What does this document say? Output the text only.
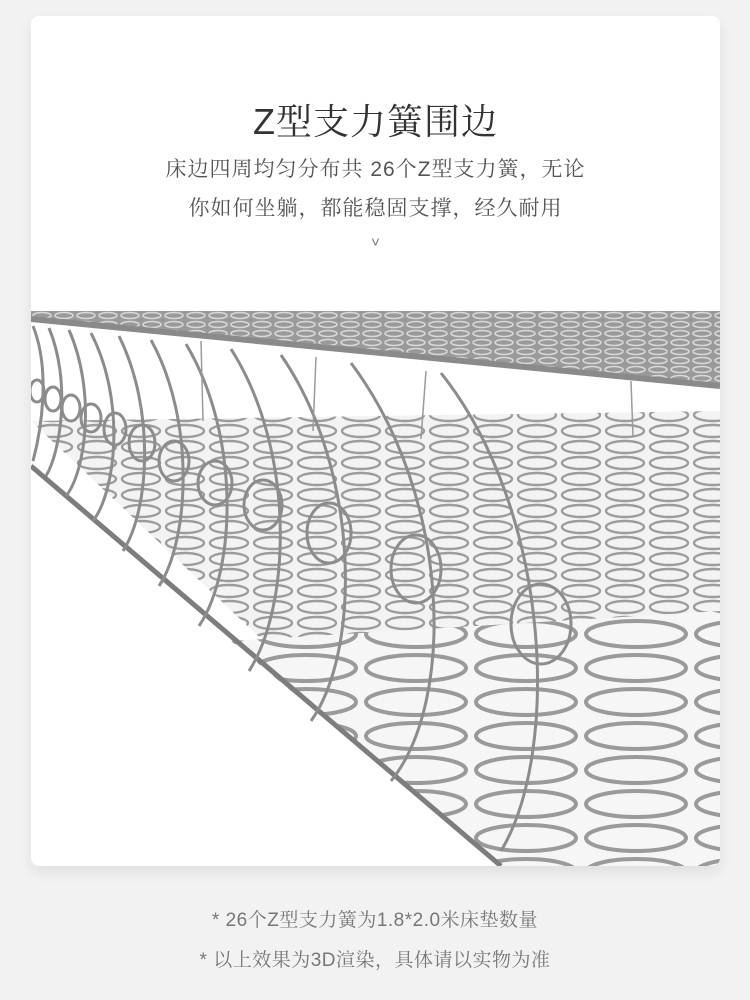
Z型支力簧围边
床边四周均匀分布共 26个Z型支力簧，无论
你如何坐躺，都能稳固支撑，经久耐用
˅
* 26个Z型支力簧为1.8*2.0米床垫数量
* 以上效果为3D渲染，具体请以实物为准
